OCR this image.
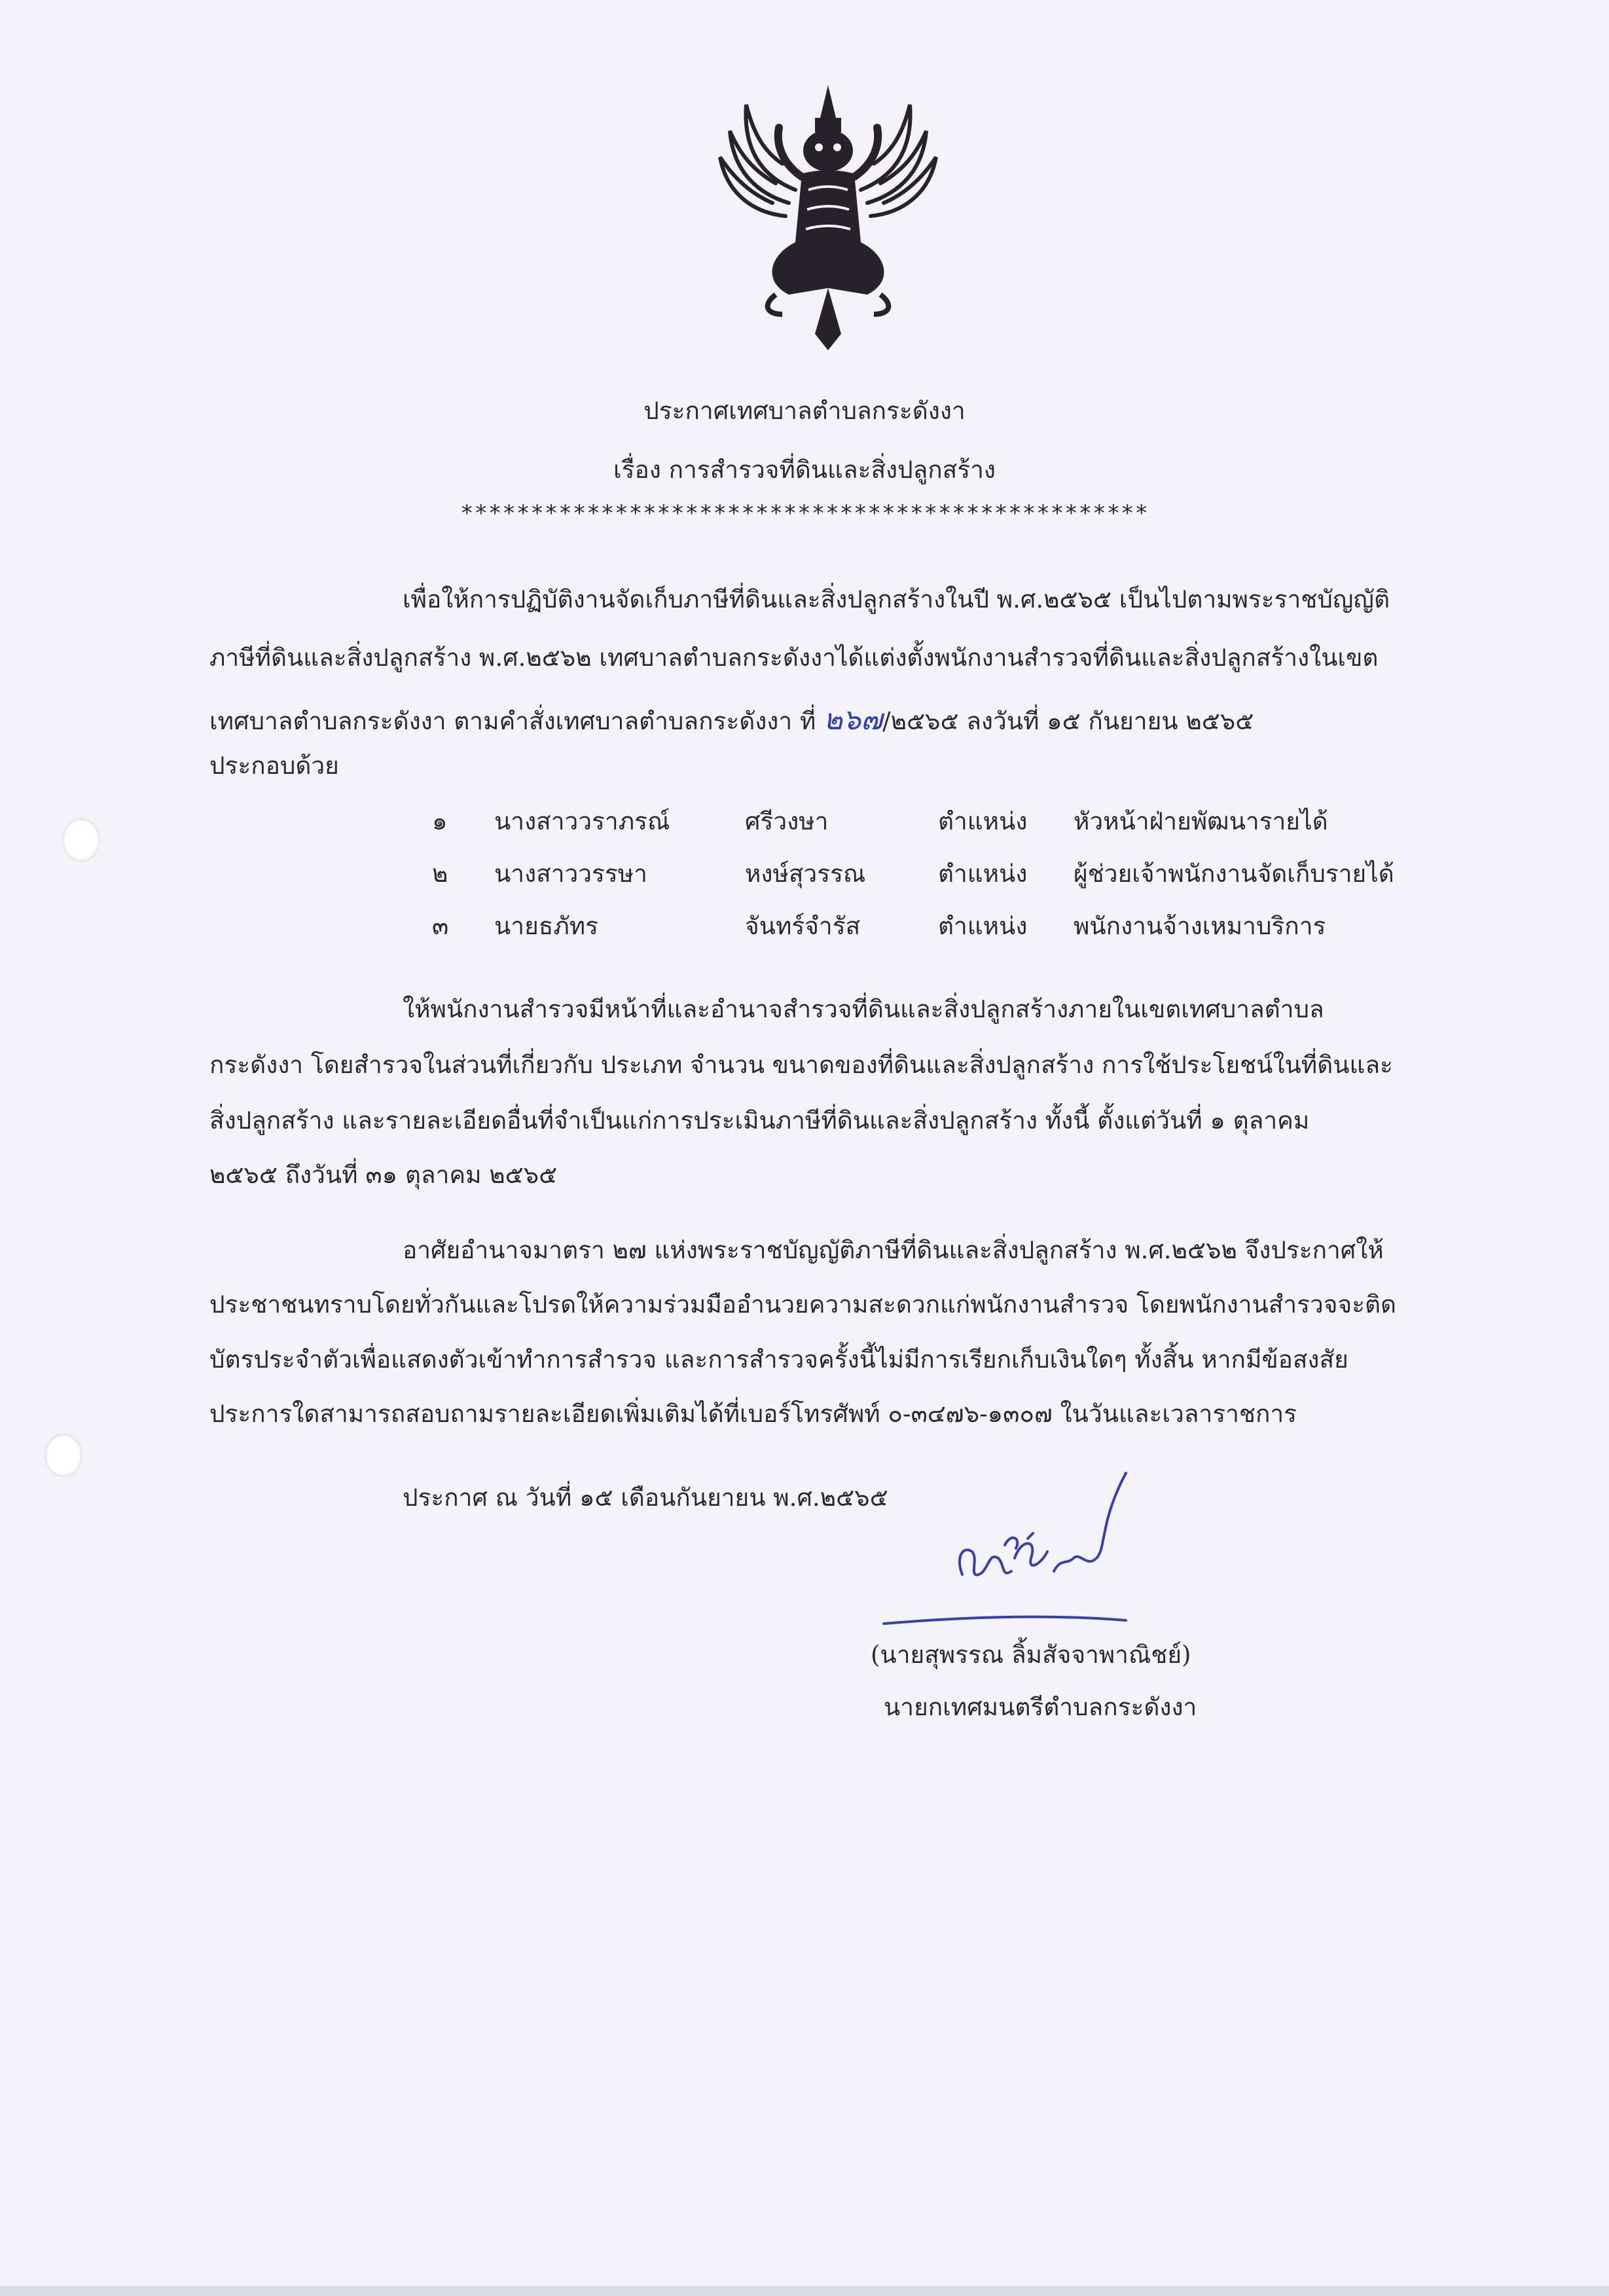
ประกาศเทศบาลตำบลกระดังงา
เรื่อง การสำรวจที่ดินและสิ่งปลูกสร้าง
*************************************************
เพื่อให้การปฏิบัติงานจัดเก็บภาษีที่ดินและสิ่งปลูกสร้างในปี พ.ศ.๒๕๖๕ เป็นไปตามพระราชบัญญัติ
ภาษีที่ดินและสิ่งปลูกสร้าง พ.ศ.๒๕๖๒ เทศบาลตำบลกระดังงาได้แต่งตั้งพนักงานสำรวจที่ดินและสิ่งปลูกสร้างในเขต
เทศบาลตำบลกระดังงา ตามคำสั่งเทศบาลตำบลกระดังงา ที่ ๒๖๗/๒๕๖๕ ลงวันที่ ๑๕ กันยายน ๒๕๖๕
ประกอบด้วย
๑ นางสาววราภรณ์	ศรีวงษา	ตำแหน่ง หัวหน้าฝ่ายพัฒนารายได้
๒ นางสาววรรษา	หงษ์สุวรรณ	ตำแหน่ง ผู้ช่วยเจ้าพนักงานจัดเก็บรายได้
๓ นายธภัทร	จันทร์จำรัส	ตำแหน่ง พนักงานจ้างเหมาบริการ
ให้พนักงานสำรวจมีหน้าที่และอำนาจสำรวจที่ดินและสิ่งปลูกสร้างภายในเขตเทศบาลตำบล
กระดังงา โดยสำรวจในส่วนที่เกี่ยวกับ ประเภท จำนวน ขนาดของที่ดินและสิ่งปลูกสร้าง การใช้ประโยชน์ในที่ดินและ
สิ่งปลูกสร้าง และรายละเอียดอื่นที่จำเป็นแก่การประเมินภาษีที่ดินและสิ่งปลูกสร้าง ทั้งนี้ ตั้งแต่วันที่ ๑ ตุลาคม
๒๕๖๕ ถึงวันที่ ๓๑ ตุลาคม ๒๕๖๕
อาศัยอำนาจมาตรา ๒๗ แห่งพระราชบัญญัติภาษีที่ดินและสิ่งปลูกสร้าง พ.ศ.๒๕๖๒ จึงประกาศให้
ประชาชนทราบโดยทั่วกันและโปรดให้ความร่วมมืออำนวยความสะดวกแก่พนักงานสำรวจ โดยพนักงานสำรวจจะติด
บัตรประจำตัวเพื่อแสดงตัวเข้าทำการสำรวจ และการสำรวจครั้งนี้ไม่มีการเรียกเก็บเงินใดๆ ทั้งสิ้น หากมีข้อสงสัย
ประการใดสามารถสอบถามรายละเอียดเพิ่มเติมได้ที่เบอร์โทรศัพท์ ๐-๓๔๗๖-๑๓๐๗ ในวันและเวลาราชการ
ประกาศ ณ วันที่ ๑๕ เดือนกันยายน พ.ศ.๒๕๖๕
(นายสุพรรณ ลิ้มสัจจาพาณิชย์)
นายกเทศมนตรีตำบลกระดังงา
